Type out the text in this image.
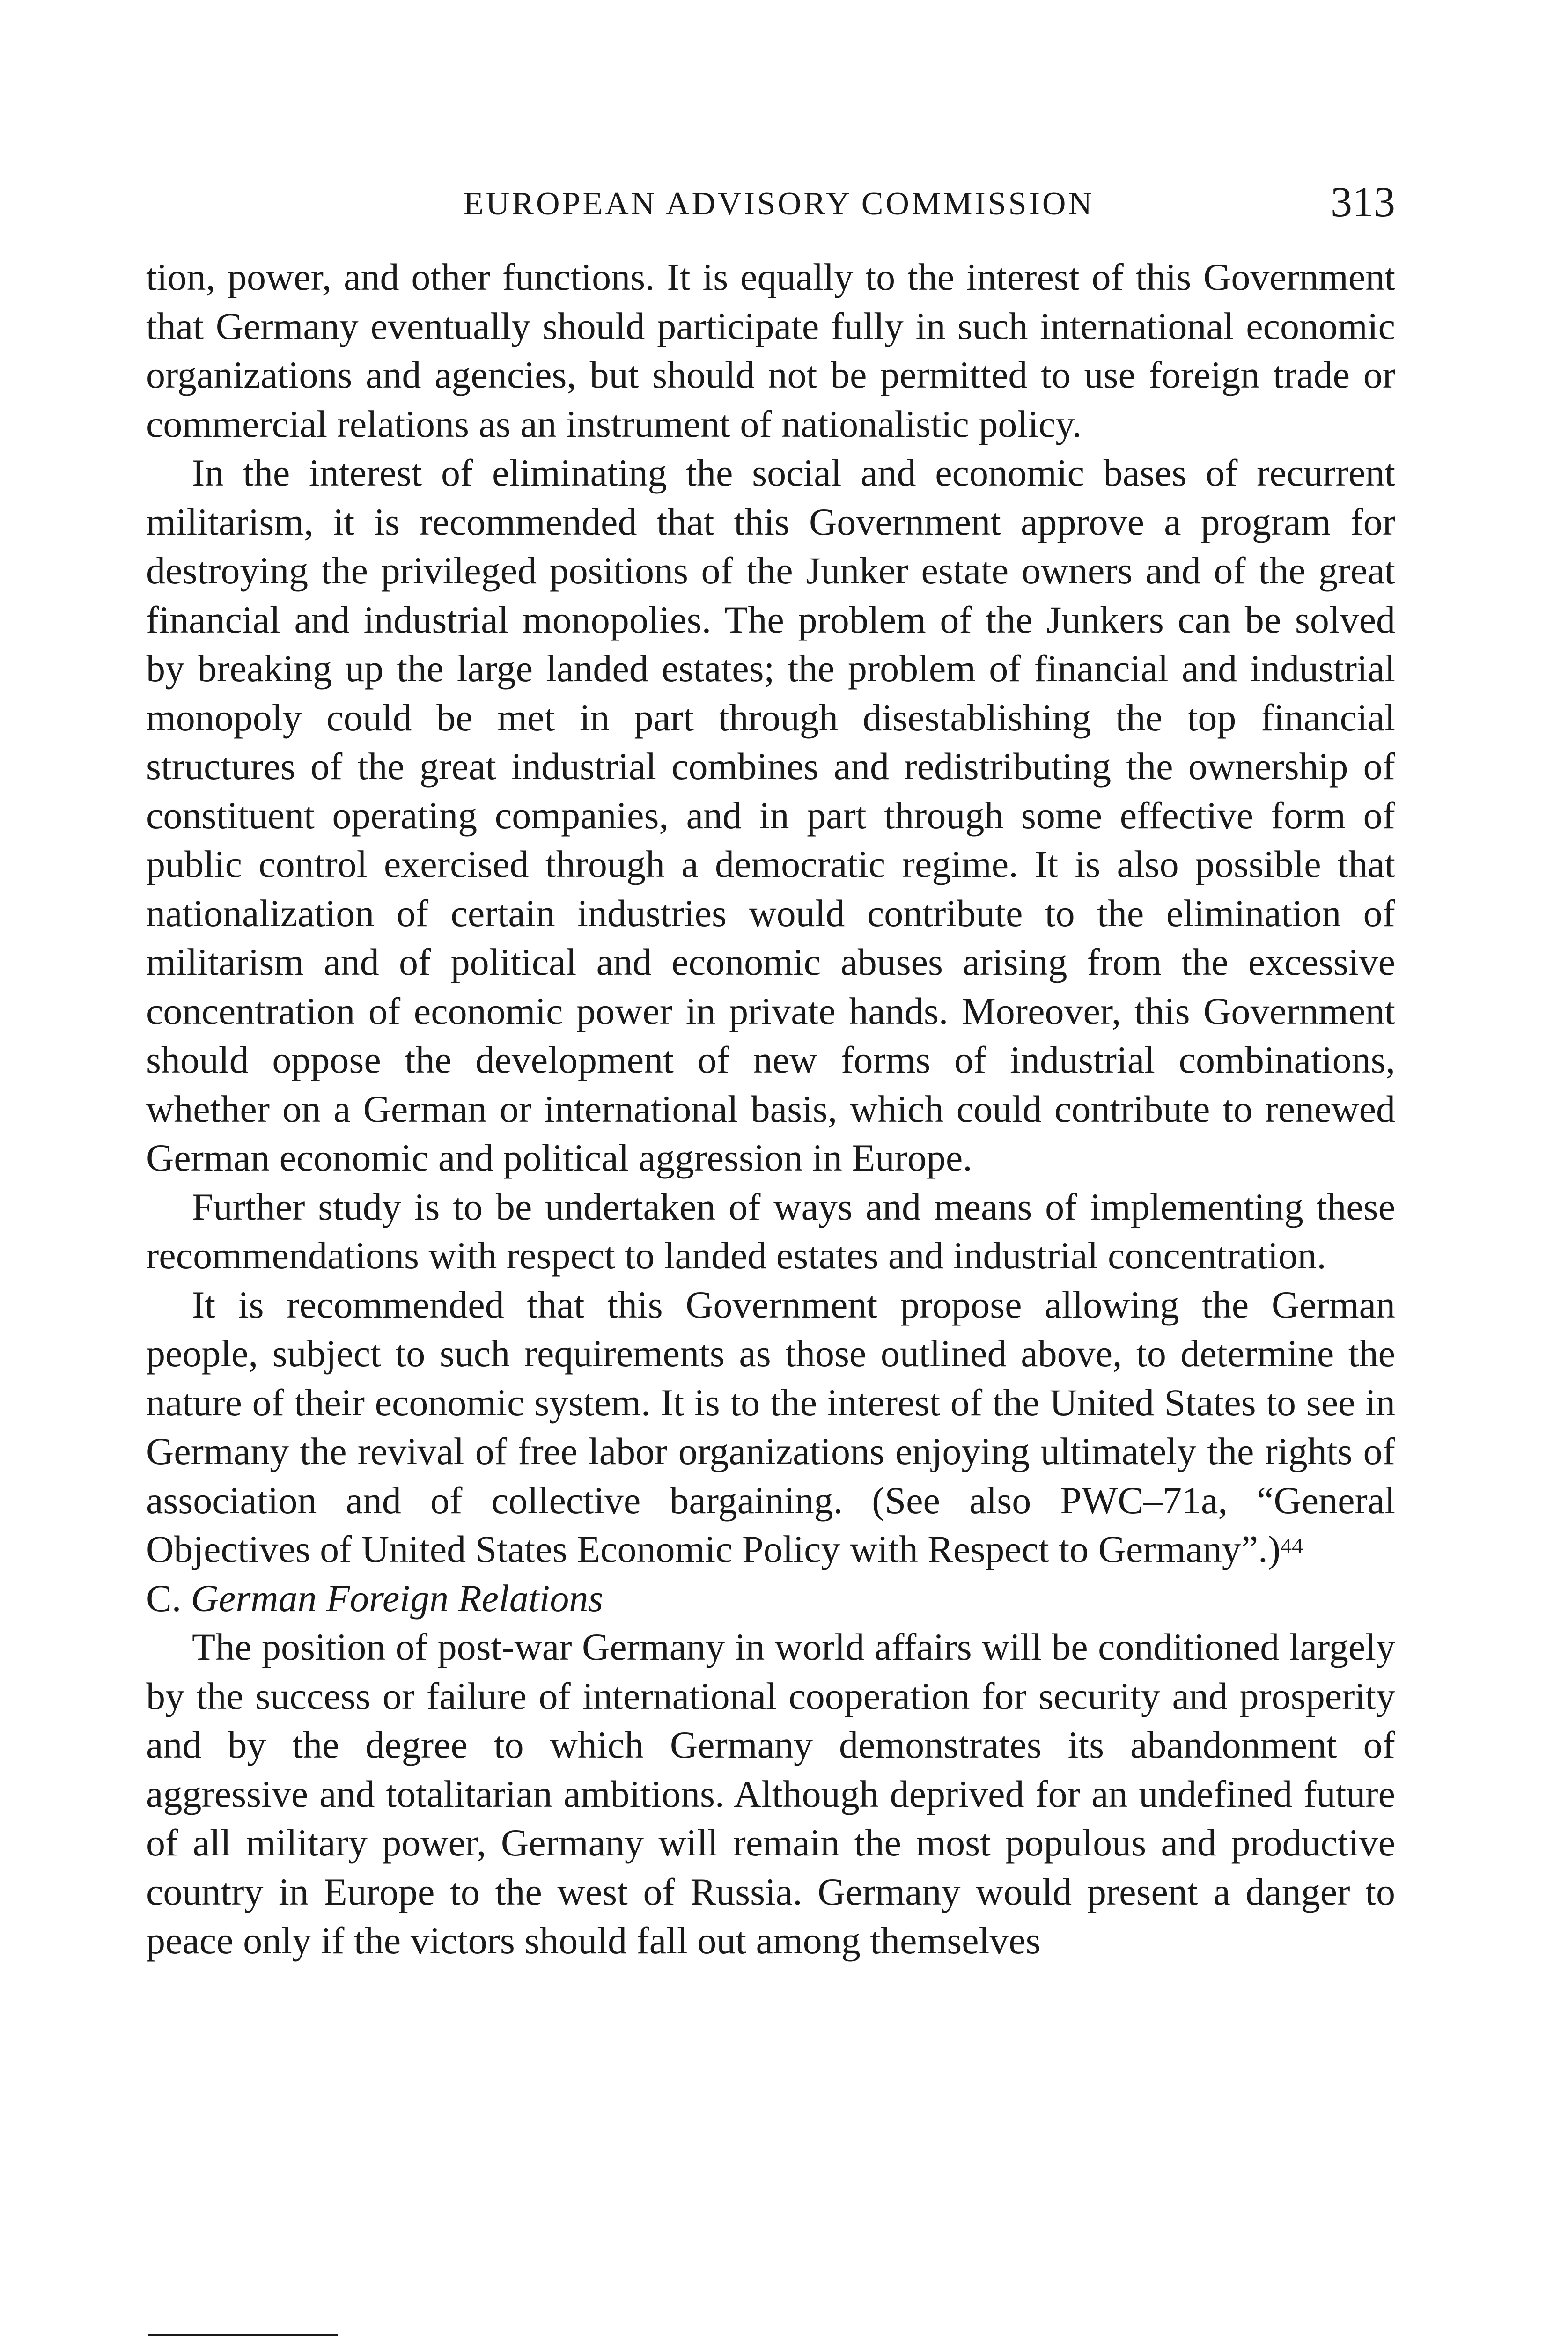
EUROPEAN ADVISORY COMMISSION	313

tion, power, and other functions. It is equally to the interest of this Government that Germany eventually should participate fully in such international economic organizations and agencies, but should not be permitted to use foreign trade or commercial relations as an instrument of nationalistic policy.

In the interest of eliminating the social and economic bases of recurrent militarism, it is recommended that this Government approve a program for destroying the privileged positions of the Junker estate owners and of the great financial and industrial monopolies. The problem of the Junkers can be solved by breaking up the large landed estates; the problem of financial and industrial monopoly could be met in part through disestablishing the top financial structures of the great industrial combines and redistributing the ownership of constituent operating companies, and in part through some effective form of public control exercised through a democratic regime. It is also possible that nationalization of certain industries would contribute to the elimination of militarism and of political and economic abuses arising from the excessive concentration of economic power in private hands. Moreover, this Government should oppose the development of new forms of industrial combinations, whether on a German or international basis, which could contribute to renewed German economic and political aggression in Europe.

Further study is to be undertaken of ways and means of implementing these recommendations with respect to landed estates and industrial concentration.

It is recommended that this Government propose allowing the German people, subject to such requirements as those outlined above, to determine the nature of their economic system. It is to the interest of the United States to see in Germany the revival of free labor organizations enjoying ultimately the rights of association and of collective bargaining. (See also PWC–71a, “General Objectives of United States Economic Policy with Respect to Germany”.)$^{44}$

C. German Foreign Relations

The position of post-war Germany in world affairs will be conditioned largely by the success or failure of international cooperation for security and prosperity and by the degree to which Germany demonstrates its abandonment of aggressive and totalitarian ambitions. Although deprived for an undefined future of all military power, Germany will remain the most populous and productive country in Europe to the west of Russia. Germany would present a danger to peace only if the victors should fall out among themselves
